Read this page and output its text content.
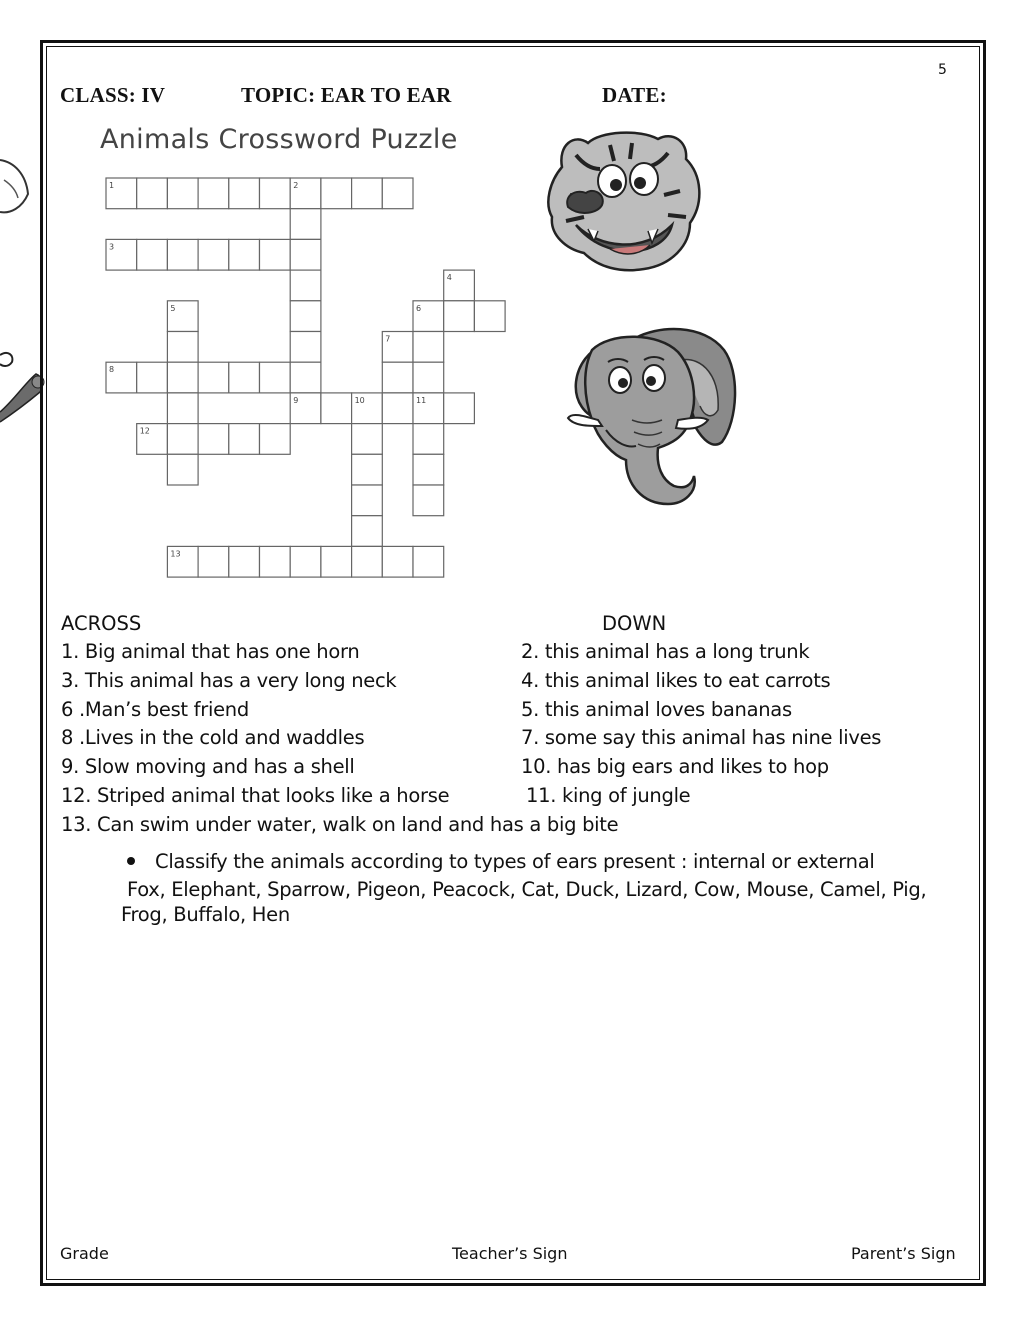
5
CLASS: IV	TOPIC: EAR TO EAR	DATE:
Animals Crossword Puzzle
1	2
3
4
5	6
7
8
9	10	11
12
13
ACROSS	DOWN
1. Big animal that has one horn
3. This animal has a very long neck
6 .Man’s best friend
8 .Lives in the cold and waddles
9. Slow moving and has a shell
12. Striped animal that looks like a horse
13. Can swim under water, walk on land and has a big bite
2. this animal has a long trunk
4. this animal likes to eat carrots
5. this animal loves bananas
7. some say this animal has nine lives
10. has big ears and likes to hop
11. king of jungle
Classify the animals according to types of ears present : internal or external
Fox, Elephant, Sparrow, Pigeon, Peacock, Cat, Duck, Lizard, Cow, Mouse, Camel, Pig,
Frog, Buffalo, Hen
Grade	Teacher’s Sign	Parent’s Sign
